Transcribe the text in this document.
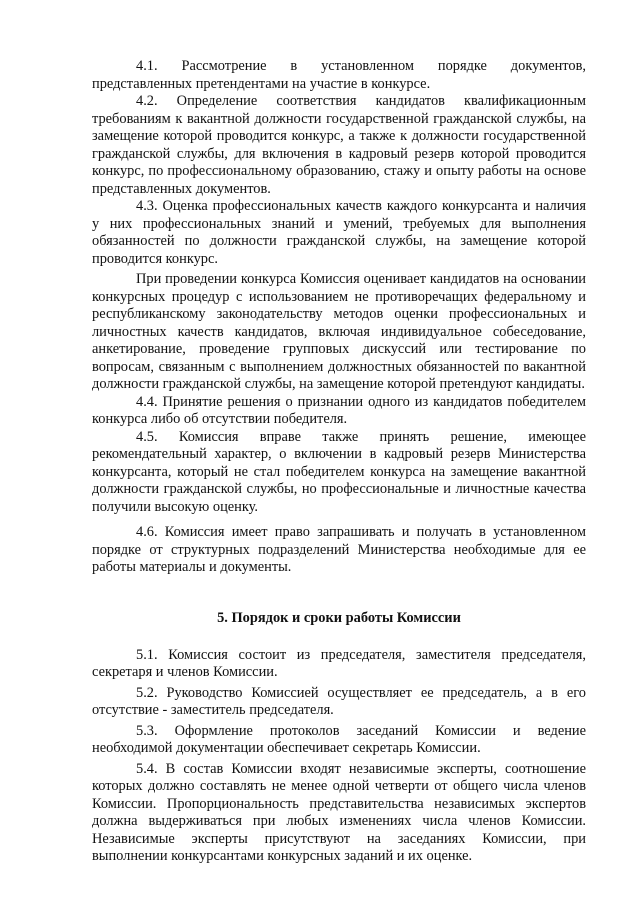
4.1. Рассмотрение в установленном порядке документов, представленных претендентами на участие в конкурсе.

4.2. Определение соответствия кандидатов квалификационным требованиям к вакантной должности государственной гражданской службы, на замещение которой проводится конкурс, а также к должности государственной гражданской службы, для включения в кадровый резерв которой проводится конкурс, по профессиональному образованию, стажу и опыту работы на основе представленных документов.

4.3. Оценка профессиональных качеств каждого конкурсанта и наличия у них профессиональных знаний и умений, требуемых для выполнения обязанностей по должности гражданской службы, на замещение которой проводится конкурс.

При проведении конкурса Комиссия оценивает кандидатов на основании конкурсных процедур с использованием не противоречащих федеральному и республиканскому законодательству методов оценки профессиональных и личностных качеств кандидатов, включая индивидуальное собеседование, анкетирование, проведение групповых дискуссий или тестирование по вопросам, связанным с выполнением должностных обязанностей по вакантной должности гражданской службы, на замещение которой претендуют кандидаты.

4.4. Принятие решения о признании одного из кандидатов победителем конкурса либо об отсутствии победителя.

4.5. Комиссия вправе также принять решение, имеющее рекомендательный характер, о включении в кадровый резерв Министерства конкурсанта, который не стал победителем конкурса на замещение вакантной должности гражданской службы, но профессиональные и личностные качества получили высокую оценку.

4.6. Комиссия имеет право запрашивать и получать в установленном порядке от структурных подразделений Министерства необходимые для ее работы материалы и документы.

5. Порядок и сроки работы Комиссии

5.1. Комиссия состоит из председателя, заместителя председателя, секретаря и членов Комиссии.

5.2. Руководство Комиссией осуществляет ее председатель, а в его отсутствие - заместитель председателя.

5.3. Оформление протоколов заседаний Комиссии и ведение необходимой документации обеспечивает секретарь Комиссии.

5.4. В состав Комиссии входят независимые эксперты, соотношение которых должно составлять не менее одной четверти от общего числа членов Комиссии. Пропорциональность представительства независимых экспертов должна выдерживаться при любых изменениях числа членов Комиссии. Независимые эксперты присутствуют на заседаниях Комиссии, при выполнении конкурсантами конкурсных заданий и их оценке.
